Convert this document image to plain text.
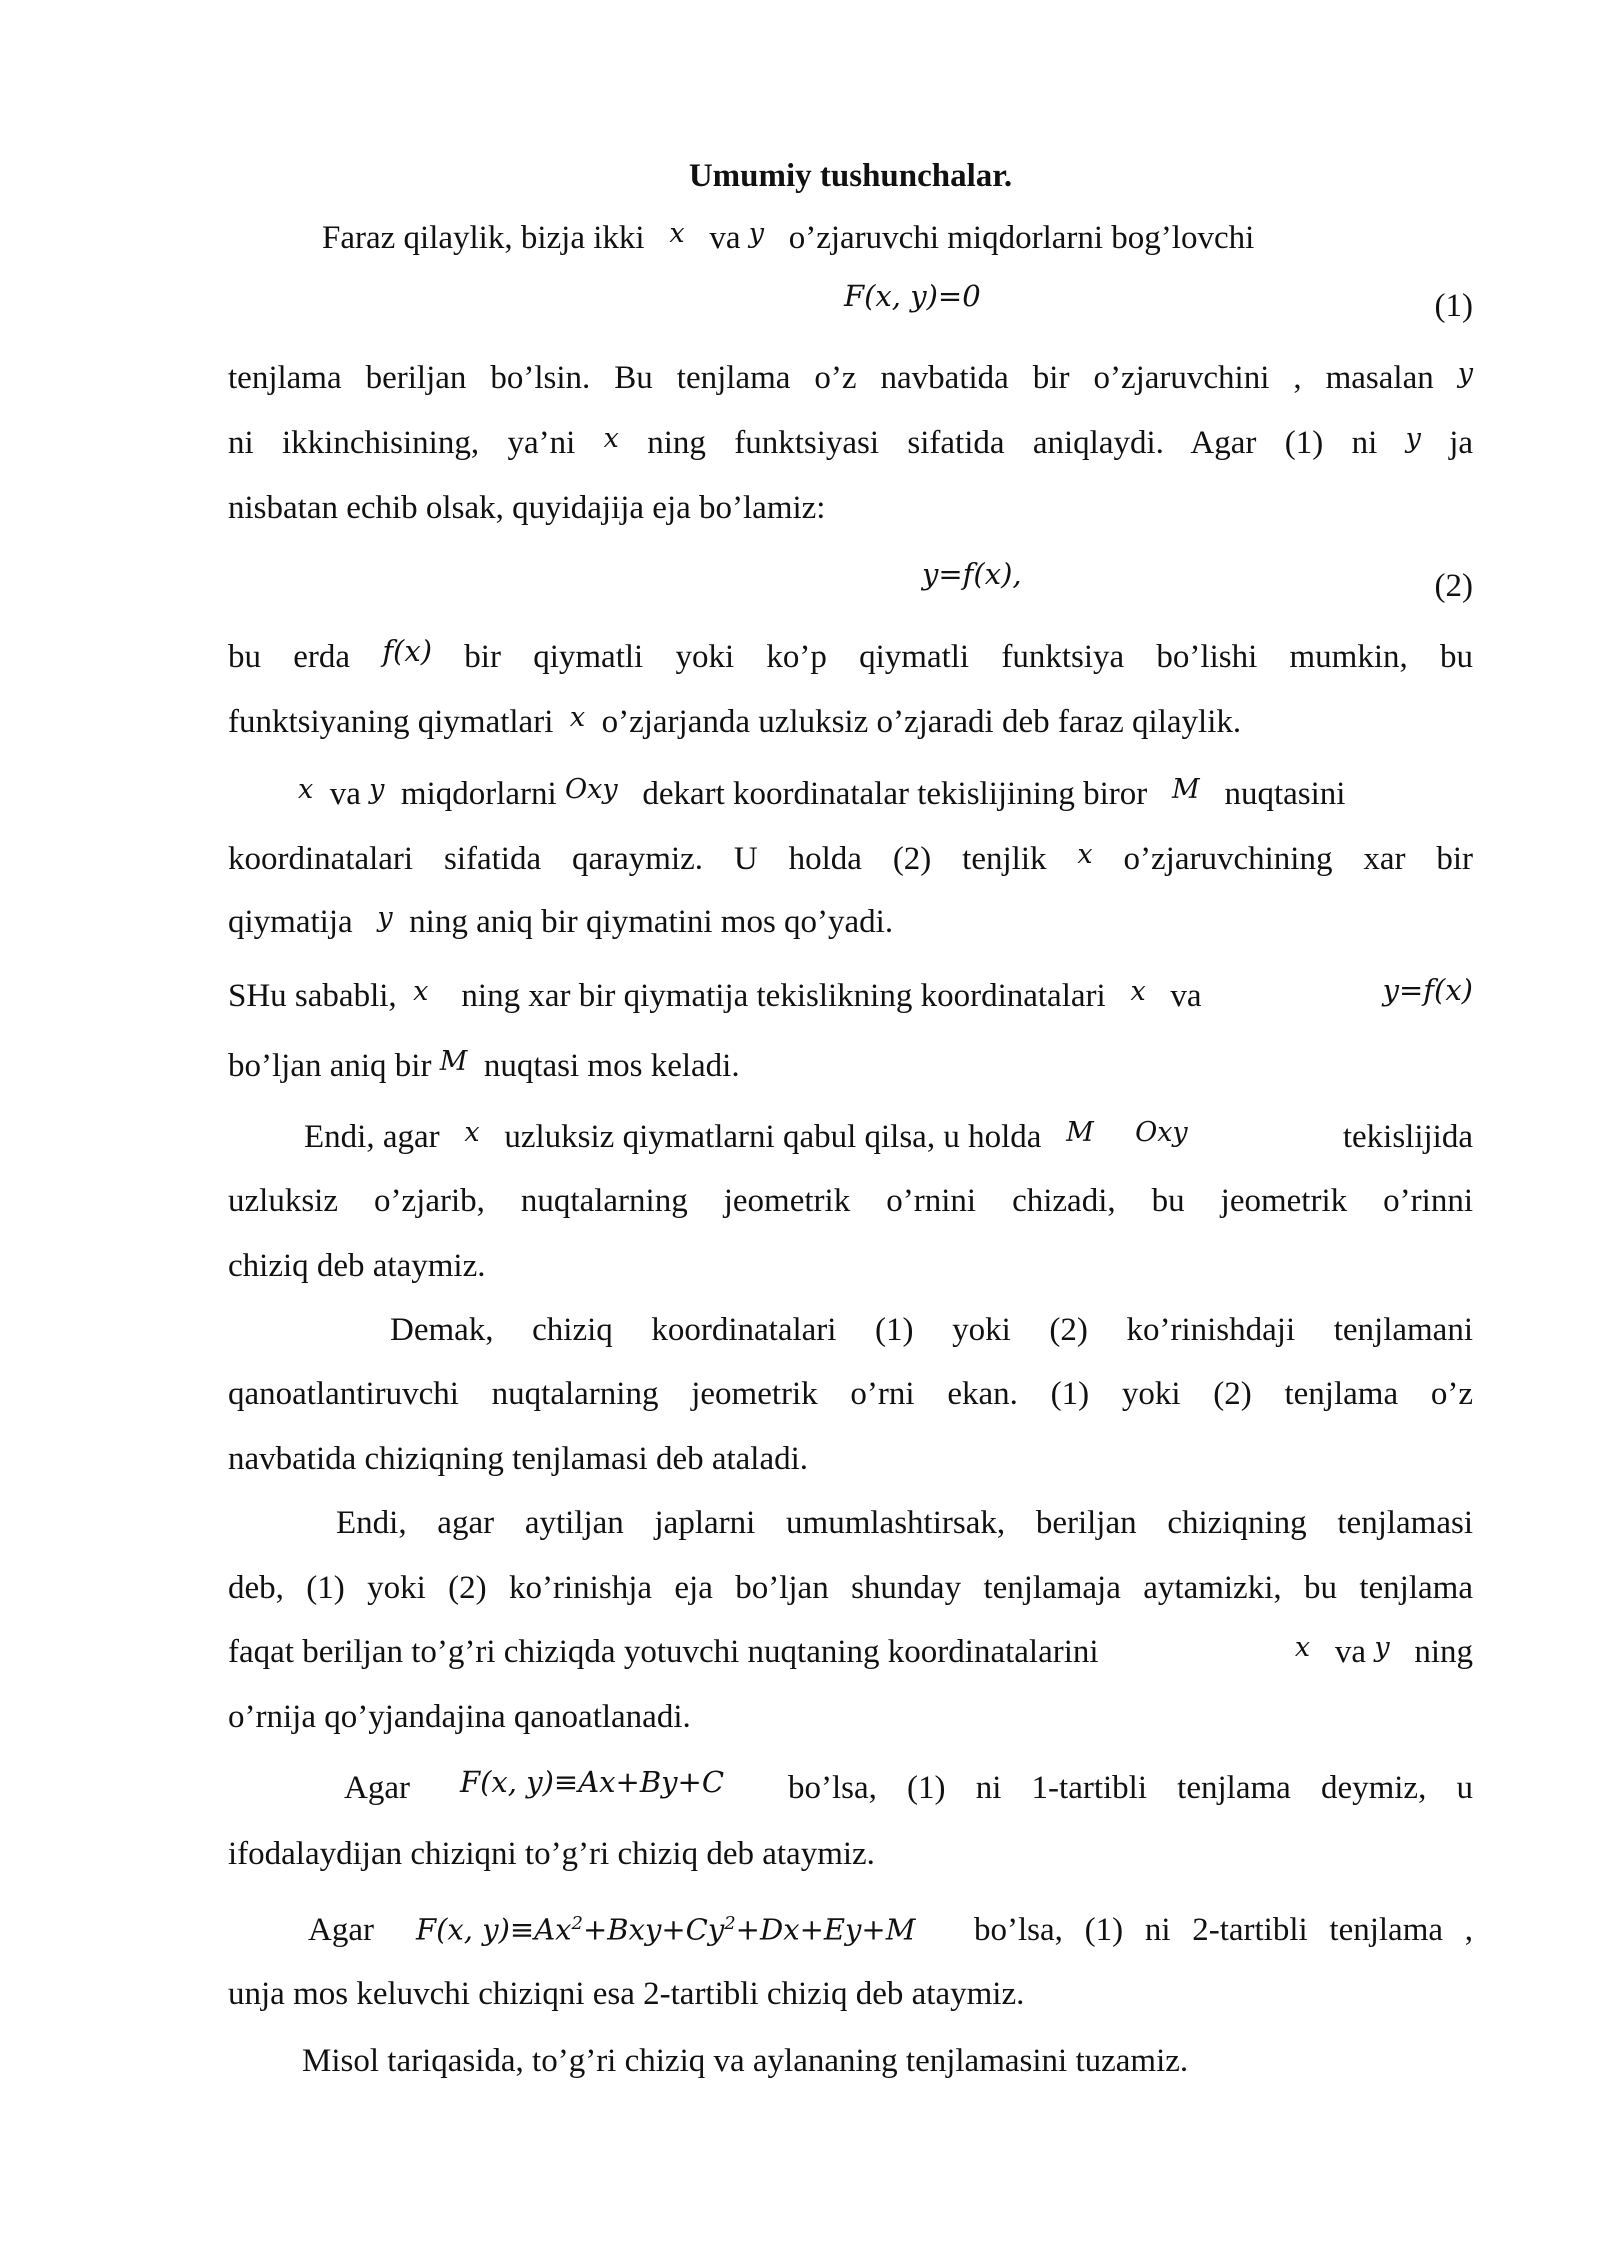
Umumiy tushunchalar.
Faraz qilaylik, bizja ikki x va y o’zjaruvchi miqdorlarni bog’lovchi
F(x, y)=0	(1)
tenjlama beriljan bo’lsin. Bu tenjlama o’z navbatida bir o’zjaruvchini , masalan y
ni ikkinchisining, ya’ni x ning funktsiyasi sifatida aniqlaydi. Agar (1) ni y ja
nisbatan echib olsak, quyidajija eja bo’lamiz:
y=f(x),	(2)
bu erda f(x) bir qiymatli yoki ko’p qiymatli funktsiya bo’lishi mumkin, bu
funktsiyaning qiymatlari x o’zjarjanda uzluksiz o’zjaradi deb faraz qilaylik.
x va y miqdorlarni Oxy dekart koordinatalar tekislijining biror M nuqtasini
koordinatalari sifatida qaraymiz. U holda (2) tenjlik x o’zjaruvchining xar bir
qiymatija y ning aniq bir qiymatini mos qo’yadi.
SHu sababli, x ning xar bir qiymatija tekislikning koordinatalari x va	y=f(x)
bo’ljan aniq bir M nuqtasi mos keladi.
Endi, agar x uzluksiz qiymatlarni qabul qilsa, u holda M Oxy	tekislijida
uzluksiz o’zjarib, nuqtalarning jeometrik o’rnini chizadi, bu jeometrik o’rinni
chiziq deb ataymiz.
Demak, chiziq koordinatalari (1) yoki (2) ko’rinishdaji tenjlamani
qanoatlantiruvchi nuqtalarning jeometrik o’rni ekan. (1) yoki (2) tenjlama o’z
navbatida chiziqning tenjlamasi deb ataladi.
Endi, agar aytiljan japlarni umumlashtirsak, beriljan chiziqning tenjlamasi
deb, (1) yoki (2) ko’rinishja eja bo’ljan shunday tenjlamaja aytamizki, bu tenjlama
faqat beriljan to’g’ri chiziqda yotuvchi nuqtaning koordinatalarini	x va y ning
o’rnija qo’yjandajina qanoatlanadi.
Agar F(x, y)≡Ax+By+C bo’lsa, (1) ni 1-tartibli tenjlama deymiz, u
ifodalaydijan chiziqni to’g’ri chiziq deb ataymiz.
Agar F(x, $y)\equiv Ax^2+Bxy+Cy^2+Dx+Ey+M$ bo’lsa, (1) ni 2-tartibli tenjlama ,
unja mos keluvchi chiziqni esa 2-tartibli chiziq deb ataymiz.
Misol tariqasida, to’g’ri chiziq va aylananing tenjlamasini tuzamiz.
